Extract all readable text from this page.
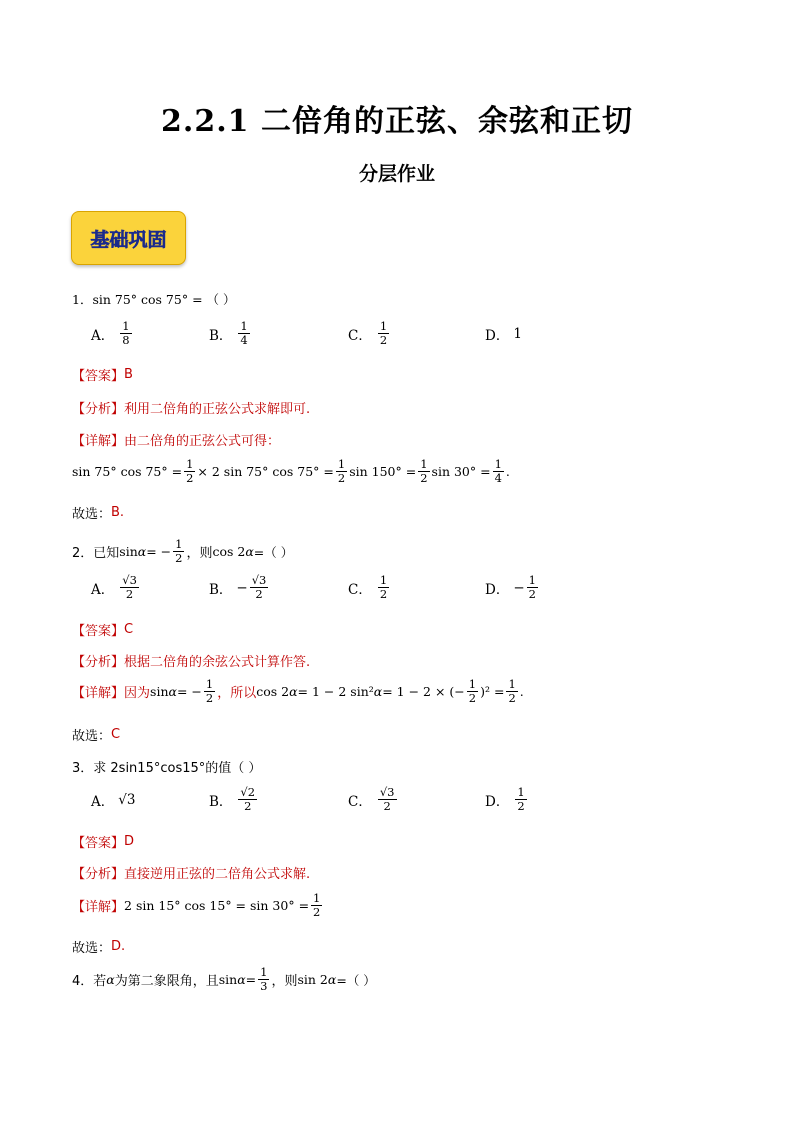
2.2.1 二倍角的正弦、余弦和正切
分层作业
基础巩固
1． sin 75° cos 75° = （ ）
A． $\frac{1}{8}$	B． $\frac{1}{4}$	C． $\frac{1}{2}$	D． 1
【答案】 B
【分析】 利用二倍角的正弦公式求解即可.
【详解】 由二倍角的正弦公式可得：
sin 75° $\cos 75^\circ = \frac{1}{2} \times 2$ sin 75° $\cos 75^\circ = \frac{1}{2}$ $\sin 150^\circ = \frac{1}{2}$ $\sin 30^\circ = \frac{1}{4}$ .
故选： B.
2．已知 sin α = − $\frac{1}{2}$ ，则 cos 2 α =（ ）
A． $\frac{√3}{2}$	B． − $\frac{√3}{2}$	C． $\frac{1}{2}$	D． − $\frac{1}{2}$
【答案】 C
【分析】 根据二倍角的余弦公式计算作答.
【详解】 因为 sin α = − $\frac{1}{2}$ ，所以 cos 2 α = 1 − 2 sin² α = 1 − 2 × (− $\frac{1}{2} )^2 = \frac{1}{2}$ .
故选： C
3．求 2sin15°cos15°的值（ ）
A． √3	B． $\frac{√2}{2}$	C． $\frac{√3}{2}$	D． $\frac{1}{2}$
【答案】 D
【分析】 直接逆用正弦的二倍角公式求解.
【详解】 2 sin 15° $\cos 15^\circ = \sin 30^\circ = \frac{1}{2}$
故选： D.
4．若 α 为第二象限角，且 $\sin \alpha = \frac{1}{3}$ ，则 sin 2 α =（ ）
